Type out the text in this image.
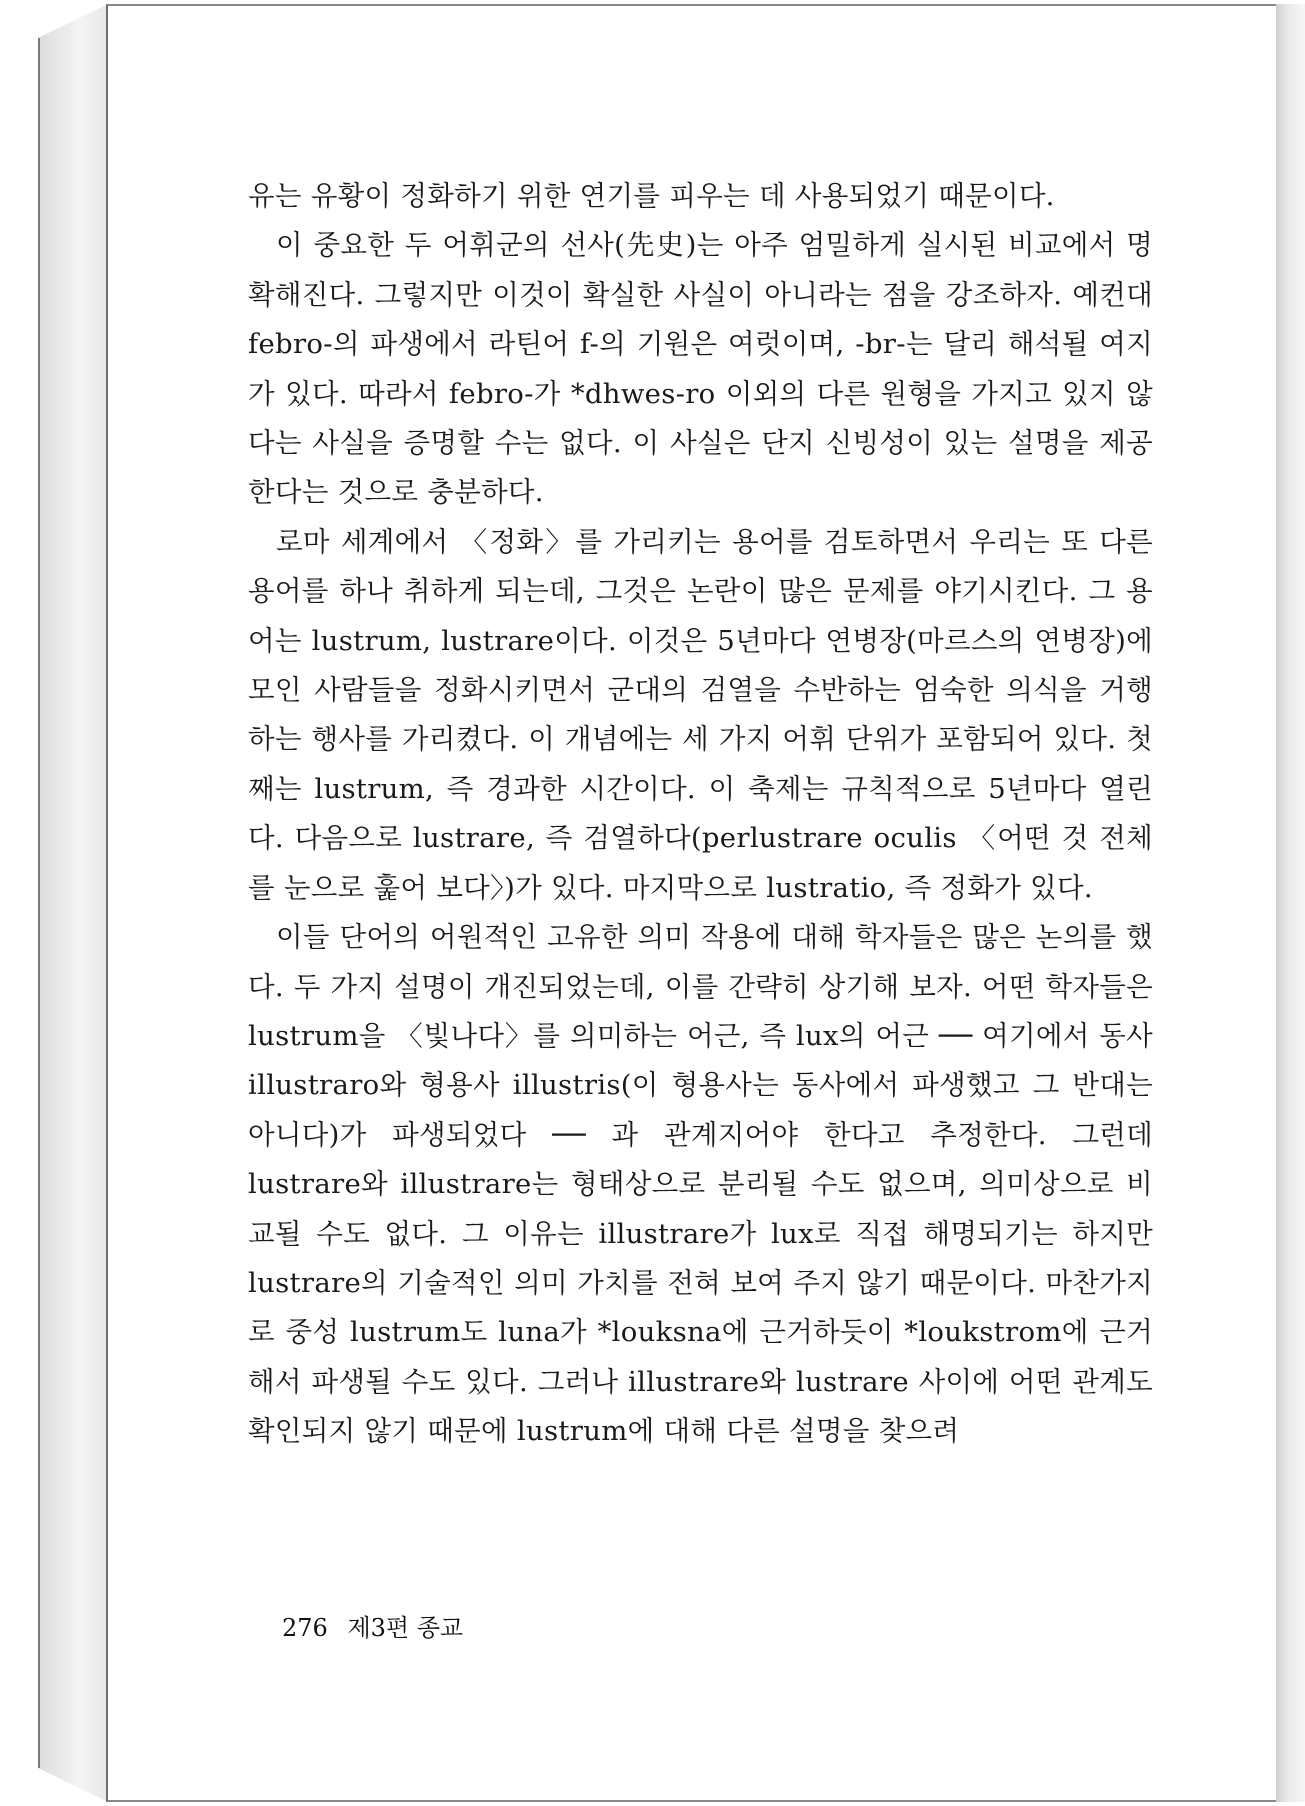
유는 유황이 정화하기 위한 연기를 피우는 데 사용되었기 때문이다.

이 중요한 두 어휘군의 선사(先史)는 아주 엄밀하게 실시된 비교에서 명확해진다. 그렇지만 이것이 확실한 사실이 아니라는 점을 강조하자. 예컨대 febro-의 파생에서 라틴어 f-의 기원은 여럿이며, -br-는 달리 해석될 여지가 있다. 따라서 febro-가 *dhwes-ro 이외의 다른 원형을 가지고 있지 않다는 사실을 증명할 수는 없다. 이 사실은 단지 신빙성이 있는 설명을 제공한다는 것으로 충분하다.

로마 세계에서 〈정화〉를 가리키는 용어를 검토하면서 우리는 또 다른 용어를 하나 취하게 되는데, 그것은 논란이 많은 문제를 야기시킨다. 그 용어는 lustrum, lustrare이다. 이것은 5년마다 연병장(마르스의 연병장)에 모인 사람들을 정화시키면서 군대의 검열을 수반하는 엄숙한 의식을 거행하는 행사를 가리켰다. 이 개념에는 세 가지 어휘 단위가 포함되어 있다. 첫째는 lustrum, 즉 경과한 시간이다. 이 축제는 규칙적으로 5년마다 열린다. 다음으로 lustrare, 즉 검열하다(perlustrare oculis 〈어떤 것 전체를 눈으로 훑어 보다〉)가 있다. 마지막으로 lustratio, 즉 정화가 있다.

이들 단어의 어원적인 고유한 의미 작용에 대해 학자들은 많은 논의를 했다. 두 가지 설명이 개진되었는데, 이를 간략히 상기해 보자. 어떤 학자들은 lustrum을 〈빛나다〉를 의미하는 어근, 즉 lux의 어근 ── 여기에서 동사 illustraro와 형용사 illustris(이 형용사는 동사에서 파생했고 그 반대는 아니다)가 파생되었다 ── 과 관계지어야 한다고 추정한다. 그런데 lustrare와 illustrare는 형태상으로 분리될 수도 없으며, 의미상으로 비교될 수도 없다. 그 이유는 illustrare가 lux로 직접 해명되기는 하지만 lustrare의 기술적인 의미 가치를 전혀 보여 주지 않기 때문이다. 마찬가지로 중성 lustrum도 luna가 *louksna에 근거하듯이 *loukstrom에 근거해서 파생될 수도 있다. 그러나 illustrare와 lustrare 사이에 어떤 관계도 확인되지 않기 때문에 lustrum에 대해 다른 설명을 찾으려

276 제3편 종교
